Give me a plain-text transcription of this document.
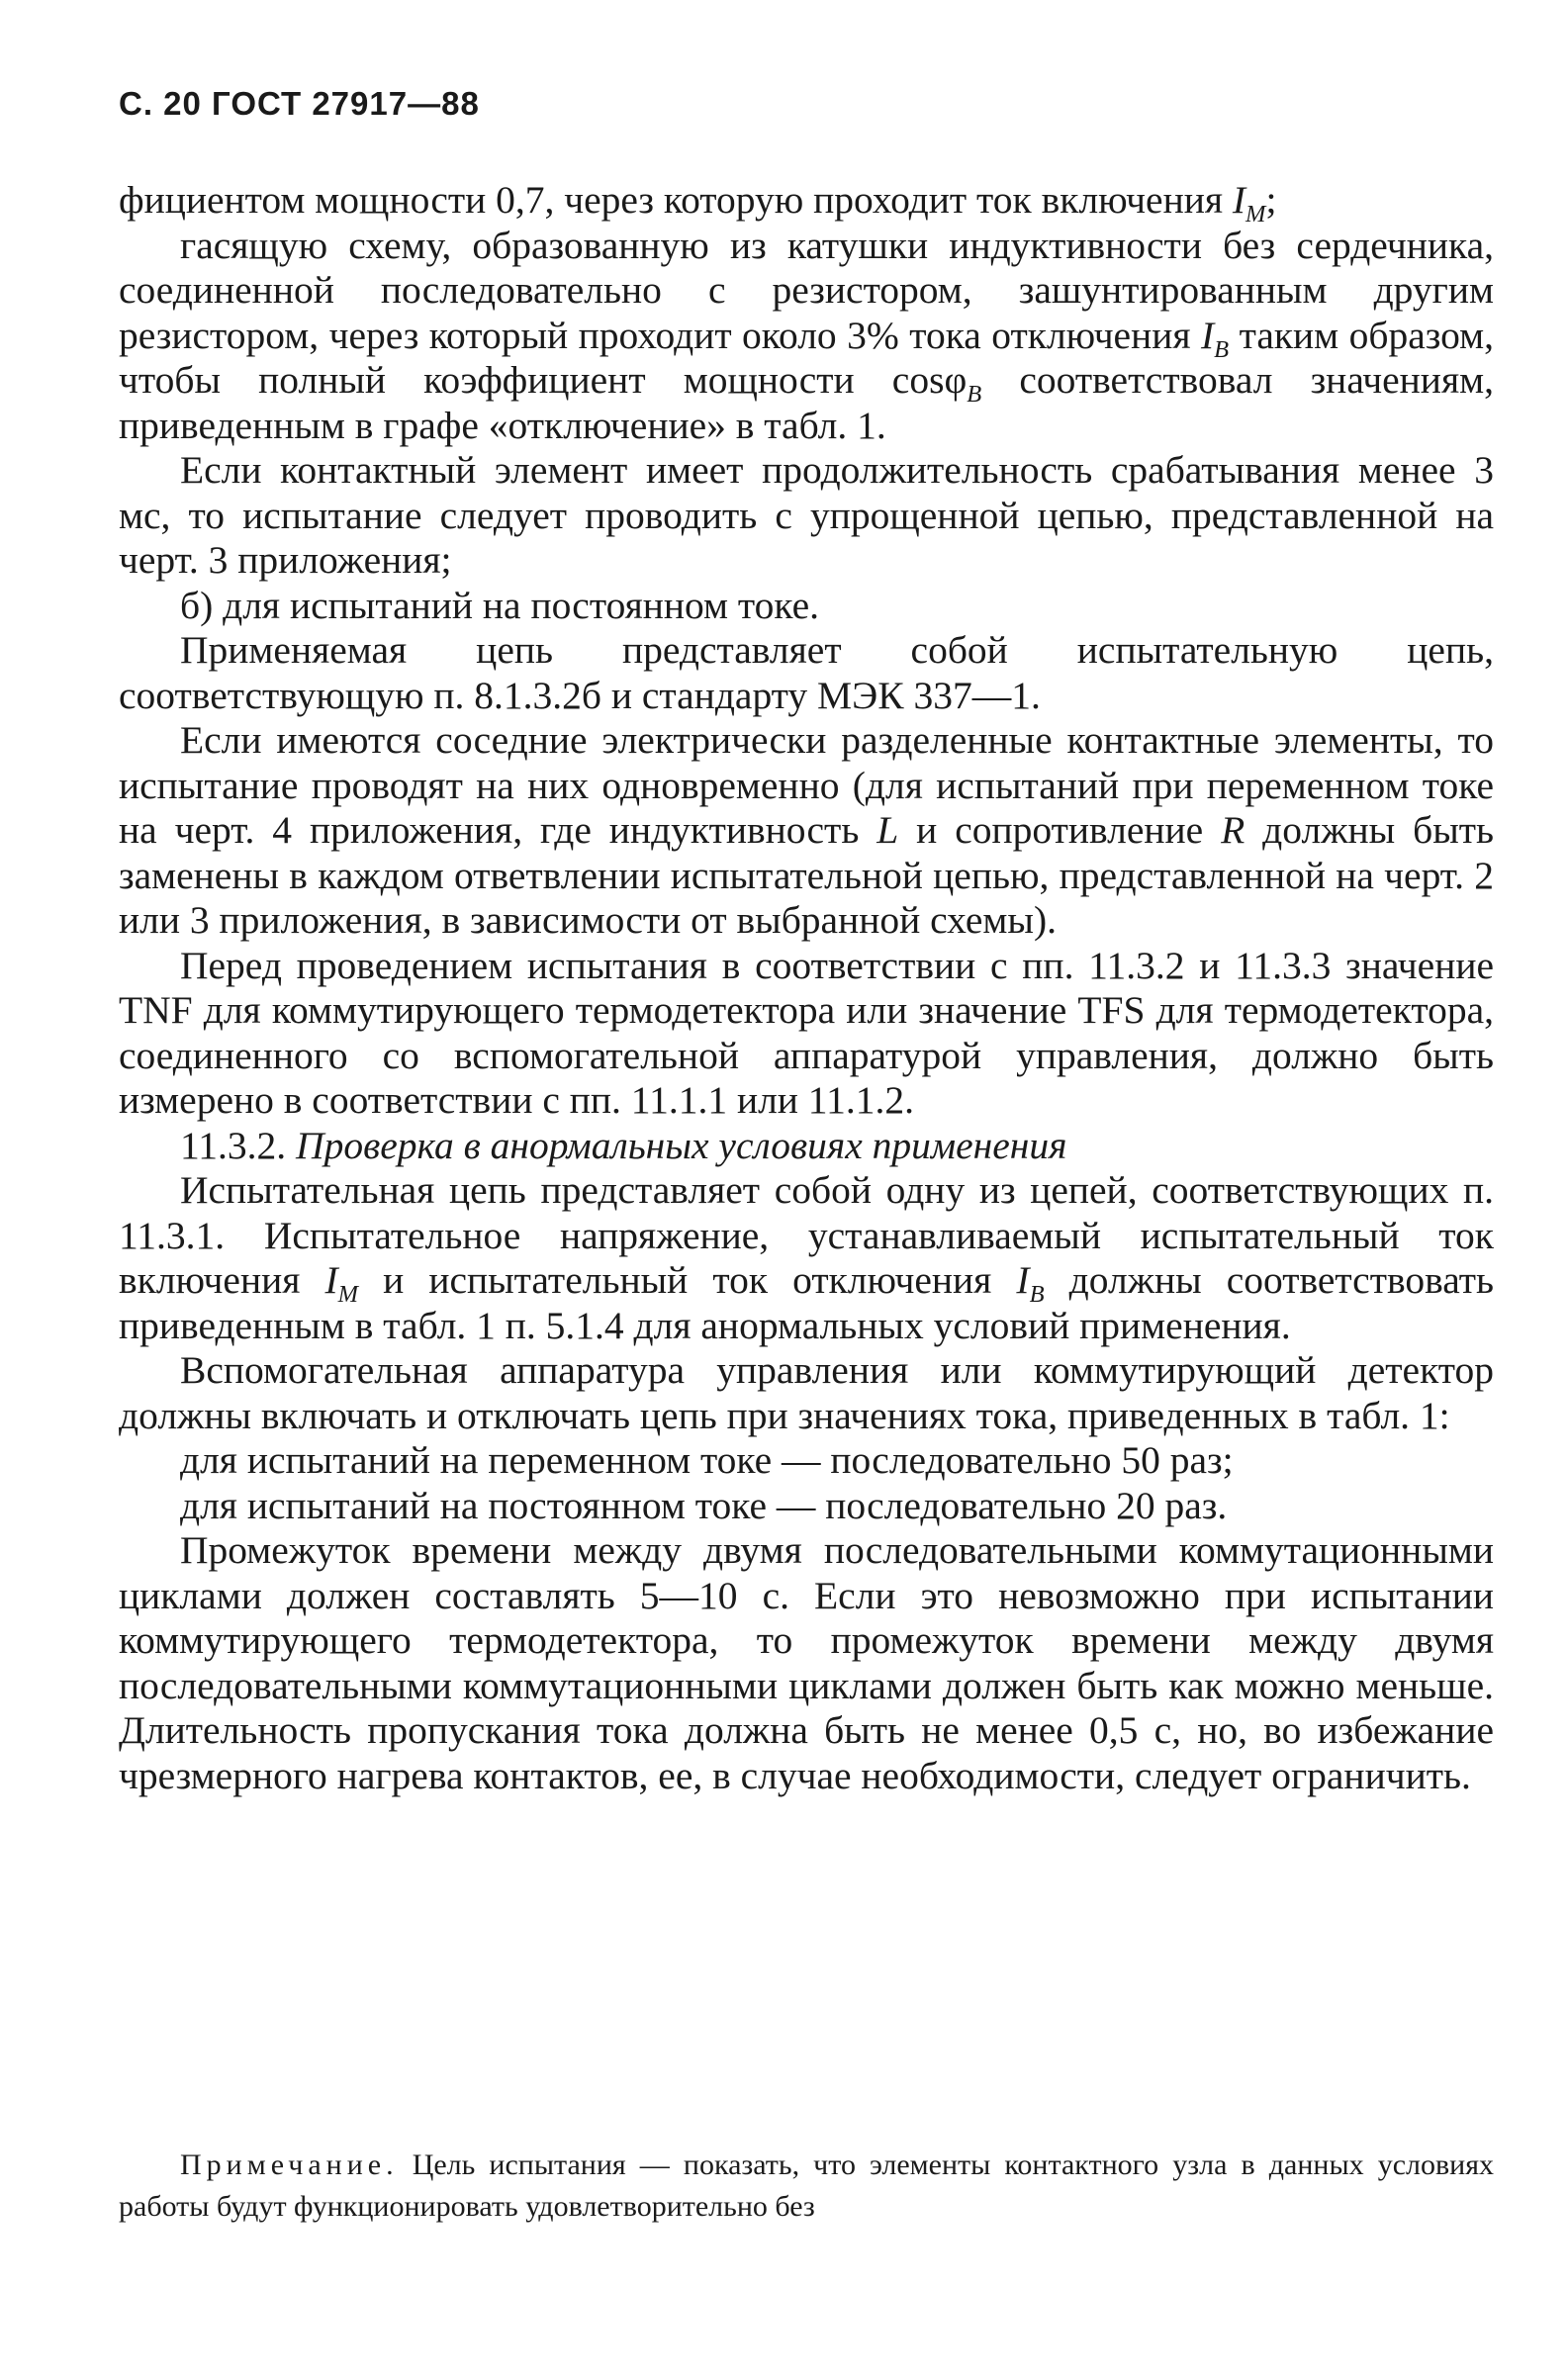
С. 20 ГОСТ 27917—88

фициентом мощности 0,7, через которую проходит ток включения $I_M$;

гасящую схему, образованную из катушки индуктивности без сердечника, соединенной последовательно с резистором, зашунтированным другим резистором, через который проходит около 3% тока отключения $I_B$ таким образом, чтобы полный коэффициент мощности cosφ$_B$ соответствовал значениям, приведенным в графе «отключение» в табл. 1.

Если контактный элемент имеет продолжительность срабатывания менее 3 мс, то испытание следует проводить с упрощенной цепью, представленной на черт. 3 приложения;

б) для испытаний на постоянном токе.

Применяемая цепь представляет собой испытательную цепь, соответствующую п. 8.1.3.2б и стандарту МЭК 337—1.

Если имеются соседние электрически разделенные контактные элементы, то испытание проводят на них одновременно (для испытаний при переменном токе на черт. 4 приложения, где индуктивность L и сопротивление R должны быть заменены в каждом ответвлении испытательной цепью, представленной на черт. 2 или 3 приложения, в зависимости от выбранной схемы).

Перед проведением испытания в соответствии с пп. 11.3.2 и 11.3.3 значение TNF для коммутирующего термодетектора или значение TFS для термодетектора, соединенного со вспомогательной аппаратурой управления, должно быть измерено в соответствии с пп. 11.1.1 или 11.1.2.

11.3.2. Проверка в анормальных условиях применения

Испытательная цепь представляет собой одну из цепей, соответствующих п. 11.3.1. Испытательное напряжение, устанавливаемый испытательный ток включения $I_M$ и испытательный ток отключения $I_B$ должны соответствовать приведенным в табл. 1 п. 5.1.4 для анормальных условий применения.

Вспомогательная аппаратура управления или коммутирующий детектор должны включать и отключать цепь при значениях тока, приведенных в табл. 1:

для испытаний на переменном токе — последовательно 50 раз;

для испытаний на постоянном токе — последовательно 20 раз.

Промежуток времени между двумя последовательными коммутационными циклами должен составлять 5—10 с. Если это невозможно при испытании коммутирующего термодетектора, то промежуток времени между двумя последовательными коммутационными циклами должен быть как можно меньше. Длительность пропускания тока должна быть не менее 0,5 с, но, во избежание чрезмерного нагрева контактов, ее, в случае необходимости, следует ограничить.

Примечание. Цель испытания — показать, что элементы контактного узла в данных условиях работы будут функционировать удовлетворительно без
